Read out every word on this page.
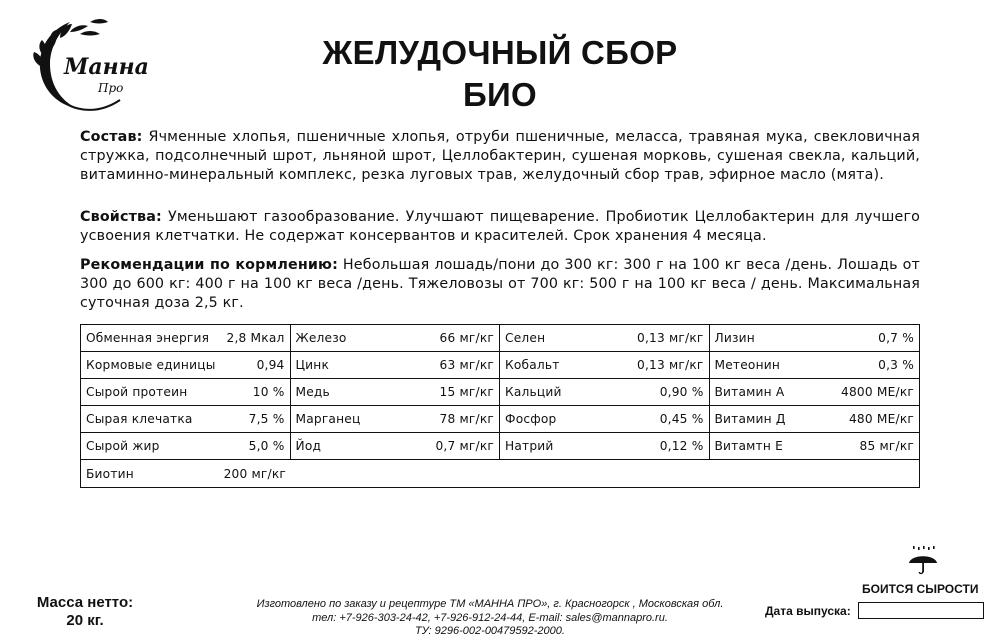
Манна
Про
ЖЕЛУДОЧНЫЙ СБОР
БИО
Состав: Ячменные хлопья, пшеничные хлопья, отруби пшеничные, меласса, травяная мука, свекловичная стружка, подсолнечный шрот, льняной шрот, Целлобактерин, сушеная морковь, сушеная свекла, кальций, витаминно-минеральный комплекс, резка луговых трав, желудочный сбор трав, эфирное масло (мята).
Свойства: Уменьшают газообразование. Улучшают пищеварение. Пробиотик Целлобактерин для лучшего усвоения клетчатки. Не содержат консервантов и красителей. Срок хранения 4 месяца.
Рекомендации по кормлению: Небольшая лошадь/пони до 300 кг: 300 г на 100 кг веса /день. Лошадь от 300 до 600 кг: 400 г на 100 кг веса /день. Тяжеловозы от 700 кг: 500 г на 100 кг веса / день. Максимальная суточная доза 2,5 кг.
Обменная энергия 2,8 Мкал Железо	66 мг/кг Селен	0,13 мг/кг Лизин	0,7 %
Кормовые единицы	0,94 Цинк	63 мг/кг Кобальт	0,13 мг/кг Метеонин	0,3 %
Сырой протеин	10 % Медь	15 мг/кг Кальций	0,90 % Витамин А	4800 МЕ/кг
Сырая клечатка	7,5 % Марганец	78 мг/кг Фосфор	0,45 % Витамин Д	480 МЕ/кг
Сырой жир	5,0 % Йод	0,7 мг/кг Натрий	0,12 % Витамтн Е	85 мг/кг
Биотин	200 мг/кг
Масса нетто:
20 кг.
Изготовлено по заказу и рецептуре ТМ «МАННА ПРО», г. Красногорск , Московская обл.
тел: +7-926-303-24-42, +7-926-912-24-44, E-mail: sales@mannapro.ru.
ТУ: 9296-002-00479592-2000.
БОИТСЯ СЫРОСТИ
Дата выпуска:
